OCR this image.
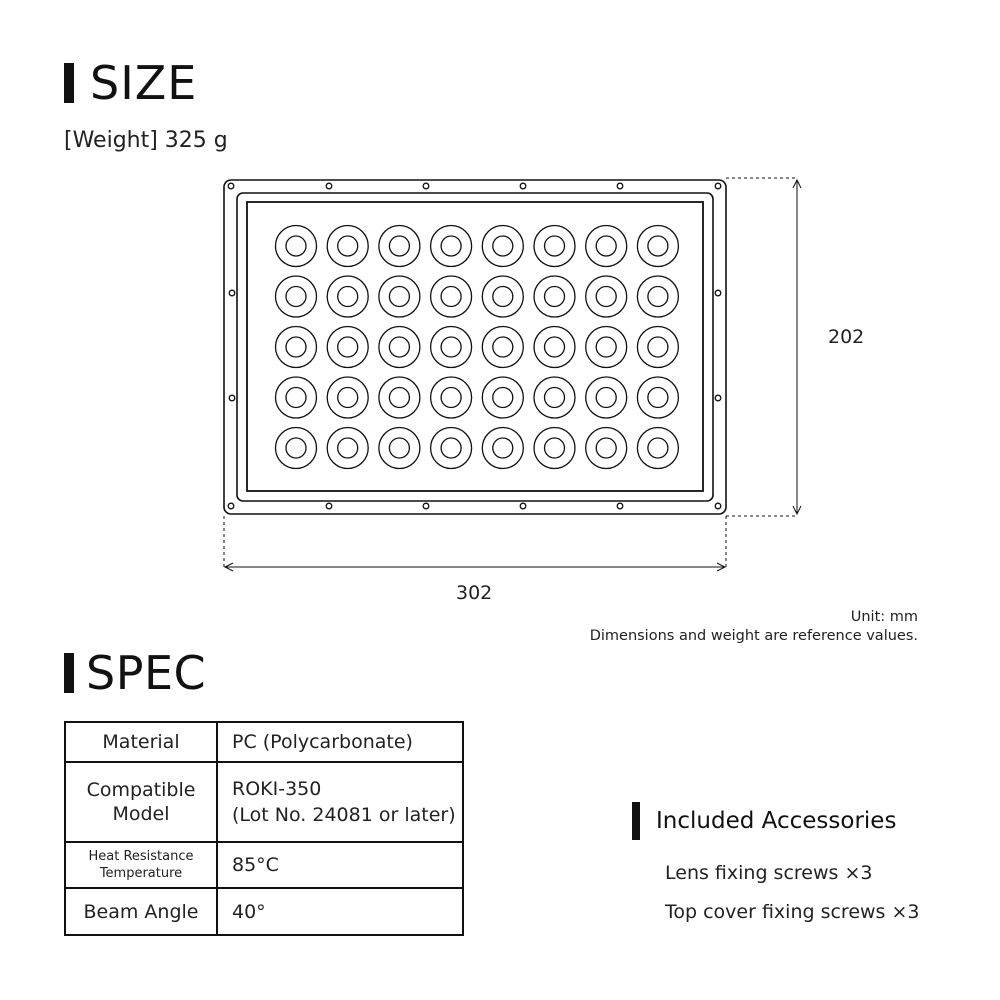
SIZE
[Weight] 325 g
202
302
Unit: mm
Dimensions and weight are reference values.
SPEC
Material	PC (Polycarbonate)
Compatible Model	ROKI-350
(Lot No. 24081 or later)

Heat Resistance
Temperature	85°C
Beam Angle	40°
Included Accessories
Lens fixing screws ×3
Top cover fixing screws ×3
